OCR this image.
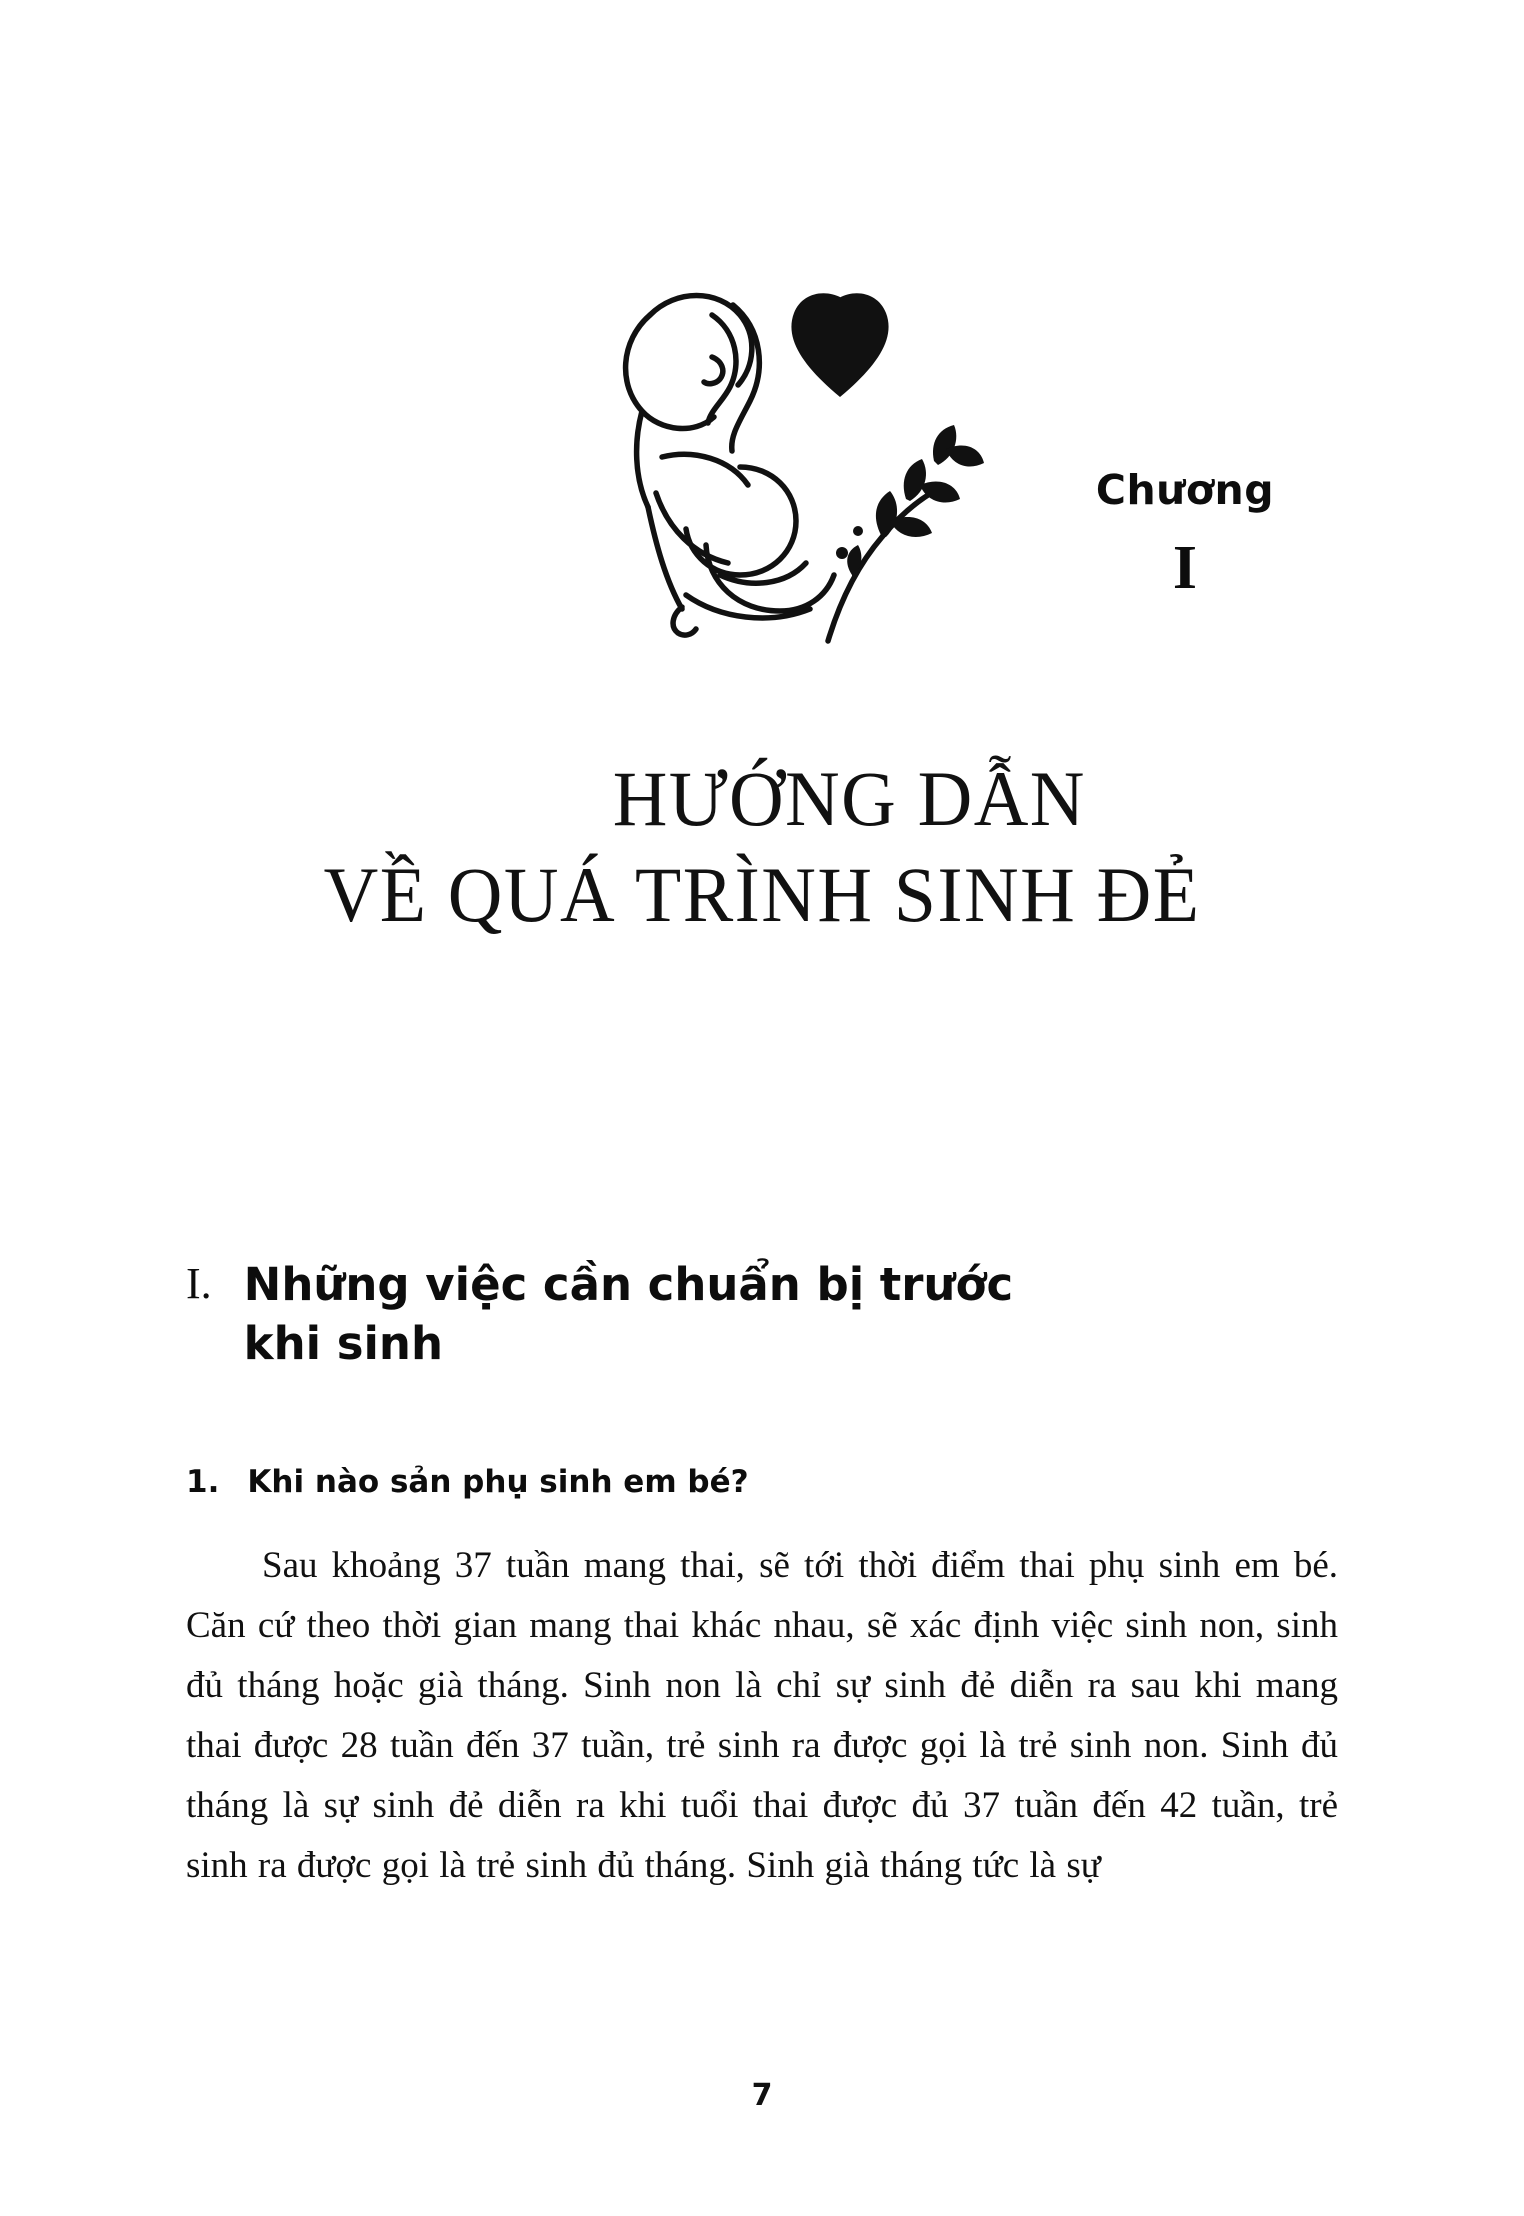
Chương
I
HƯỚNG DẪN
VỀ QUÁ TRÌNH SINH ĐẺ
I. Những việc cần chuẩn bị trước
khi sinh
1. Khi nào sản phụ sinh em bé?

Sau khoảng 37 tuần mang thai, sẽ tới thời điểm thai phụ sinh em bé. Căn cứ theo thời gian mang thai khác nhau, sẽ xác định việc sinh non, sinh đủ tháng hoặc già tháng. Sinh non là chỉ sự sinh đẻ diễn ra sau khi mang thai được 28 tuần đến 37 tuần, trẻ sinh ra được gọi là trẻ sinh non. Sinh đủ tháng là sự sinh đẻ diễn ra khi tuổi thai được đủ 37 tuần đến 42 tuần, trẻ sinh ra được gọi là trẻ sinh đủ tháng. Sinh già tháng tức là sự

7
